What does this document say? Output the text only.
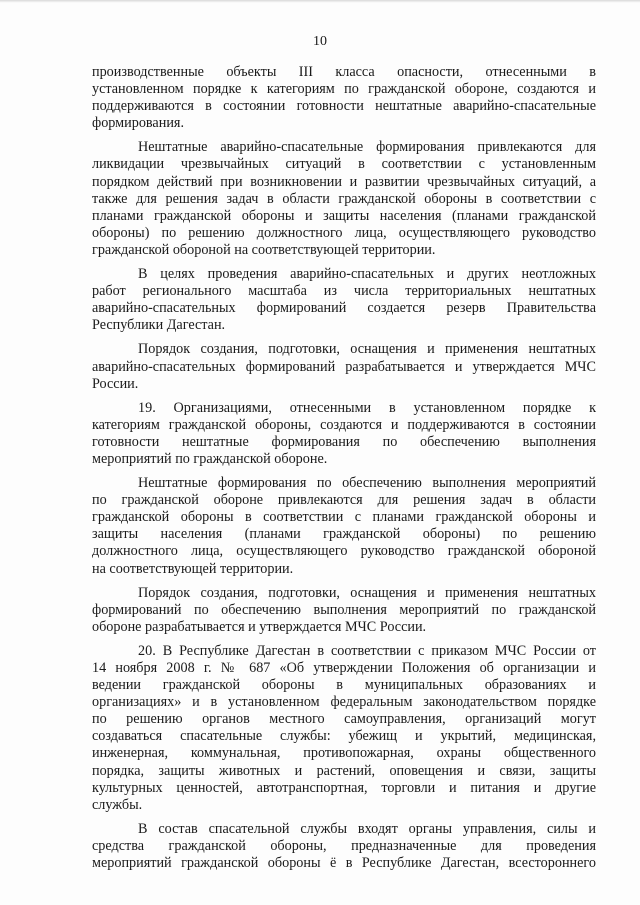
10
производственные объекты III класса опасности, отнесенными в
установленном порядке к категориям по гражданской обороне, создаются и
поддерживаются в состоянии готовности нештатные аварийно-спасательные
формирования.
Нештатные аварийно-спасательные формирования привлекаются для
ликвидации чрезвычайных ситуаций в соответствии с установленным
порядком действий при возникновении и развитии чрезвычайных ситуаций, а
также для решения задач в области гражданской обороны в соответствии с
планами гражданской обороны и защиты населения (планами гражданской
обороны) по решению должностного лица, осуществляющего руководство
гражданской обороной на соответствующей территории.
В целях проведения аварийно-спасательных и других неотложных
работ регионального масштаба из числа территориальных нештатных
аварийно-спасательных формирований создается резерв Правительства
Республики Дагестан.
Порядок создания, подготовки, оснащения и применения нештатных
аварийно-спасательных формирований разрабатывается и утверждается МЧС
России.
19. Организациями, отнесенными в установленном порядке к
категориям гражданской обороны, создаются и поддерживаются в состоянии
готовности нештатные формирования по обеспечению выполнения
мероприятий по гражданской обороне.
Нештатные формирования по обеспечению выполнения мероприятий
по гражданской обороне привлекаются для решения задач в области
гражданской обороны в соответствии с планами гражданской обороны и
защиты населения (планами гражданской обороны) по решению
должностного лица, осуществляющего руководство гражданской обороной
на соответствующей территории.
Порядок создания, подготовки, оснащения и применения нештатных
формирований по обеспечению выполнения мероприятий по гражданской
обороне разрабатывается и утверждается МЧС России.
20. В Республике Дагестан в соответствии с приказом МЧС России от
14 ноября 2008 г. № 687 «Об утверждении Положения об организации и
ведении гражданской обороны в муниципальных образованиях и
организациях» и в установленном федеральным законодательством порядке
по решению органов местного самоуправления, организаций могут
создаваться спасательные службы: убежищ и укрытий, медицинская,
инженерная, коммунальная, противопожарная, охраны общественного
порядка, защиты животных и растений, оповещения и связи, защиты
культурных ценностей, автотранспортная, торговли и питания и другие
службы.
В состав спасательной службы входят органы управления, силы и
средства гражданской обороны, предназначенные для проведения
мероприятий гражданской обороны ё в Республике Дагестан, всестороннего
